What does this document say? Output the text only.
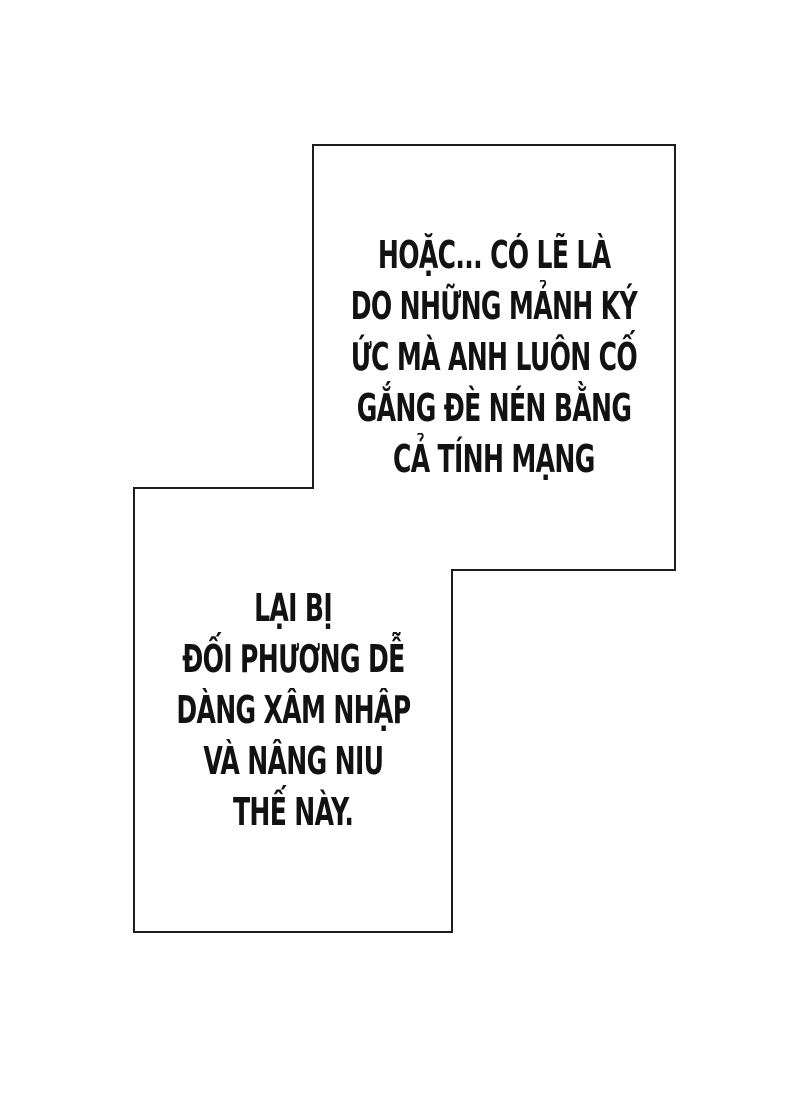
HOẶC... CÓ LẼ LÀ
DO NHỮNG MẢNH KÝ
ỨC MÀ ANH LUÔN CỐ
GẮNG ĐÈ NÉN BẰNG
CẢ TÍNH MẠNG
LẠI BỊ
ĐỐI PHƯƠNG DỄ
DÀNG XÂM NHẬP
VÀ NÂNG NIU
THẾ NÀY.
